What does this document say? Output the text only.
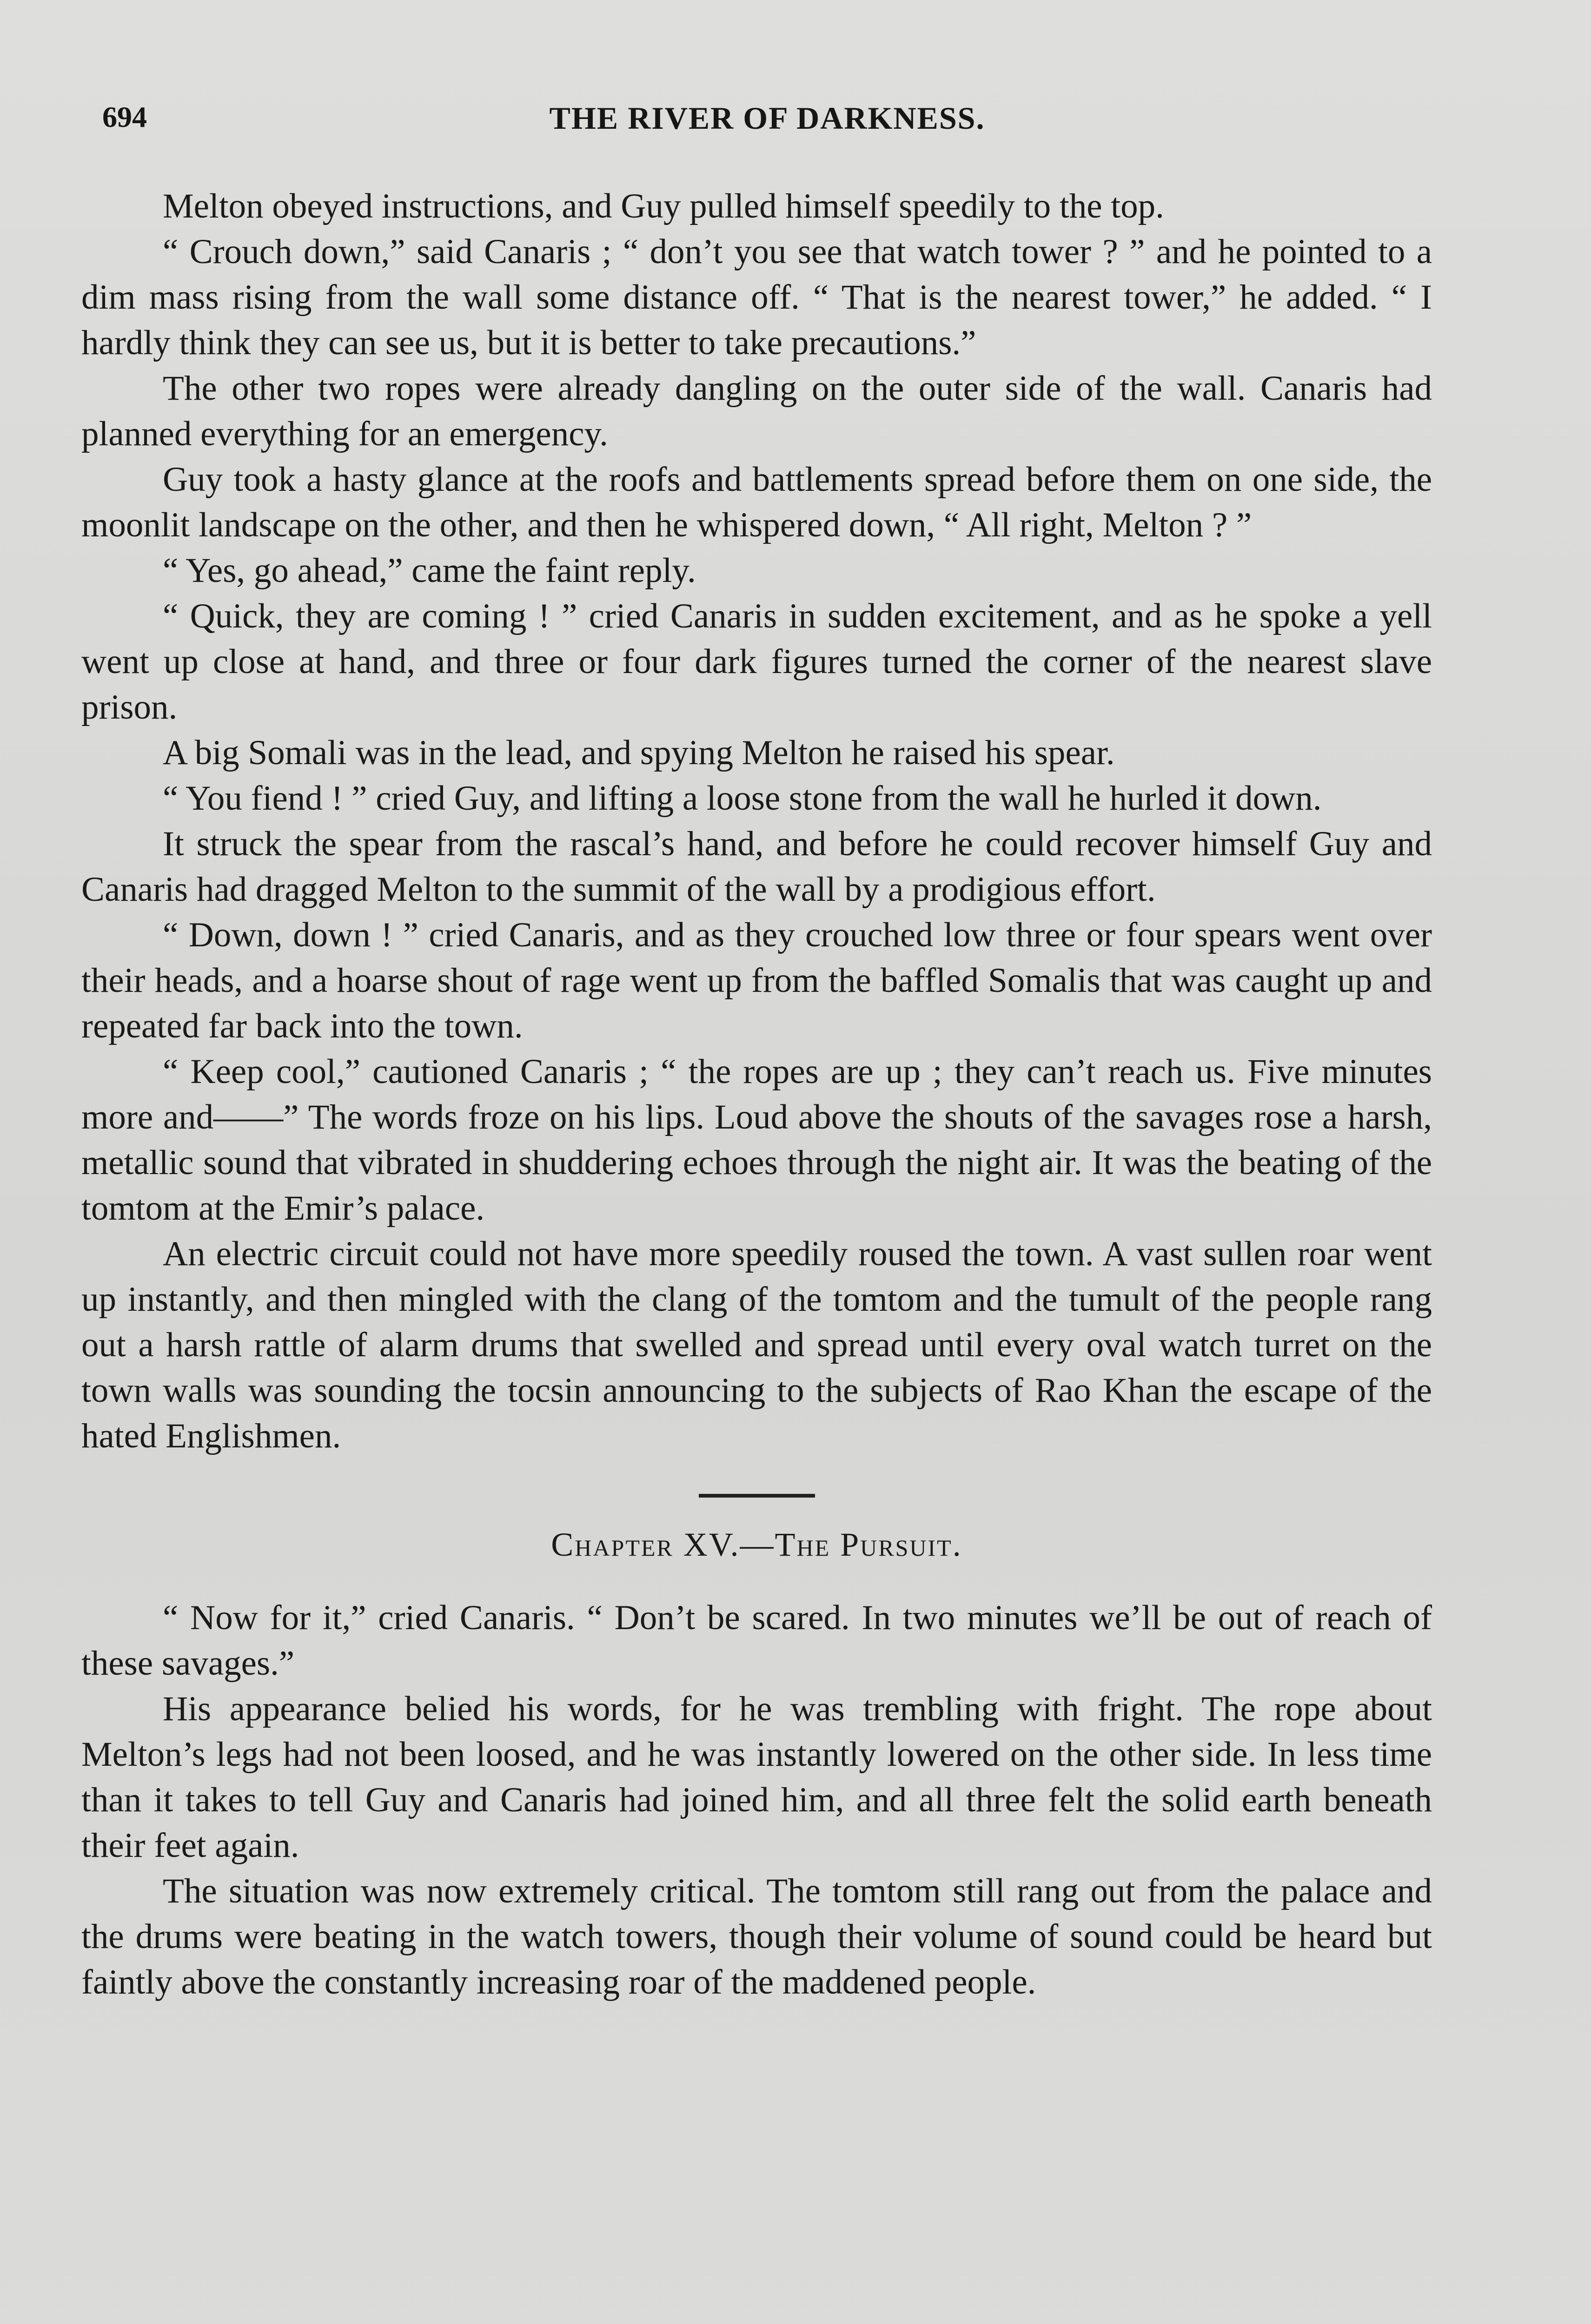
694	THE RIVER OF DARKNESS.

Melton obeyed instructions, and Guy pulled himself speedily to the top.

“ Crouch down,” said Canaris ; “ don’t you see that watch tower ? ” and he pointed to a dim mass rising from the wall some distance off. “ That is the nearest tower,” he added. “ I hardly think they can see us, but it is better to take precautions.”

The other two ropes were already dangling on the outer side of the wall. Canaris had planned everything for an emergency.

Guy took a hasty glance at the roofs and battlements spread before them on one side, the moonlit landscape on the other, and then he whispered down, “ All right, Melton ? ”

“ Yes, go ahead,” came the faint reply.

“ Quick, they are coming ! ” cried Canaris in sudden excitement, and as he spoke a yell went up close at hand, and three or four dark figures turned the corner of the nearest slave prison.

A big Somali was in the lead, and spying Melton he raised his spear.

“ You fiend ! ” cried Guy, and lifting a loose stone from the wall he hurled it down.

It struck the spear from the rascal’s hand, and before he could recover himself Guy and Canaris had dragged Melton to the summit of the wall by a prodigious effort.

“ Down, down ! ” cried Canaris, and as they crouched low three or four spears went over their heads, and a hoarse shout of rage went up from the baffled Somalis that was caught up and repeated far back into the town.

“ Keep cool,” cautioned Canaris ; “ the ropes are up ; they can’t reach us. Five minutes more and——” The words froze on his lips. Loud above the shouts of the savages rose a harsh, metallic sound that vibrated in shuddering echoes through the night air. It was the beating of the tomtom at the Emir’s palace.

An electric circuit could not have more speedily roused the town. A vast sullen roar went up instantly, and then mingled with the clang of the tomtom and the tumult of the people rang out a harsh rattle of alarm drums that swelled and spread until every oval watch turret on the town walls was sounding the tocsin announcing to the subjects of Rao Khan the escape of the hated Englishmen.

Chapter XV.—The Pursuit.

“ Now for it,” cried Canaris. “ Don’t be scared. In two minutes we’ll be out of reach of these savages.”

His appearance belied his words, for he was trembling with fright. The rope about Melton’s legs had not been loosed, and he was instantly lowered on the other side. In less time than it takes to tell Guy and Canaris had joined him, and all three felt the solid earth beneath their feet again.

The situation was now extremely critical. The tomtom still rang out from the palace and the drums were beating in the watch towers, though their volume of sound could be heard but faintly above the constantly increasing roar of the maddened people.
